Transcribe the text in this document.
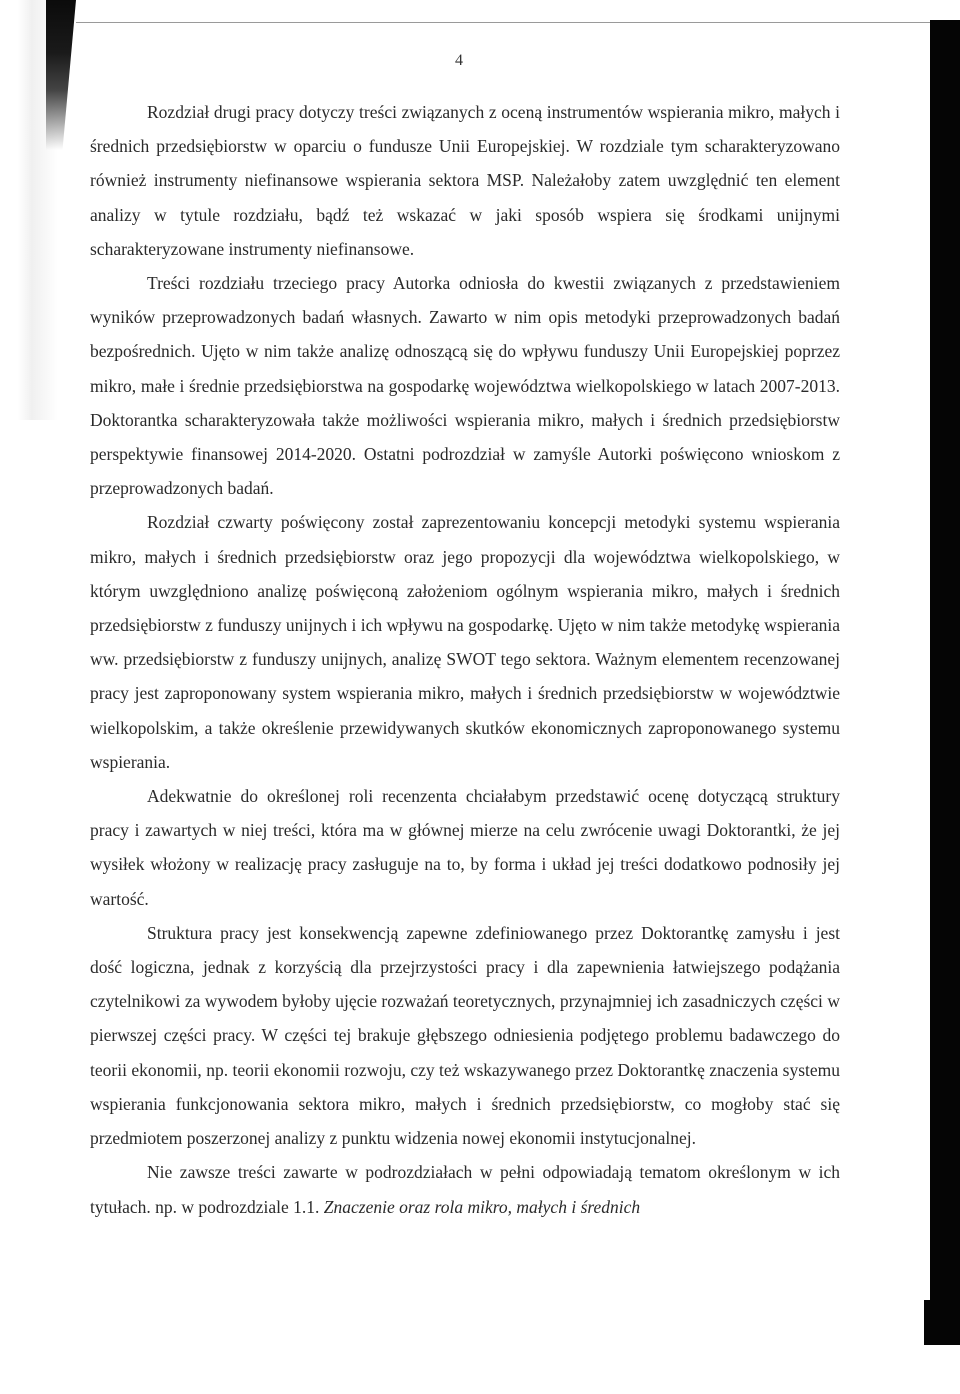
4

Rozdział drugi pracy dotyczy treści związanych z oceną instrumentów wspierania mikro, małych i średnich przedsiębiorstw w oparciu o fundusze Unii Europejskiej. W rozdziale tym scharakteryzowano również instrumenty niefinansowe wspierania sektora MSP. Należałoby zatem uwzględnić ten element analizy w tytule rozdziału, bądź też wskazać w jaki sposób wspiera się środkami unijnymi scharakteryzowane instrumenty niefinansowe.

Treści rozdziału trzeciego pracy Autorka odniosła do kwestii związanych z przedstawieniem wyników przeprowadzonych badań własnych. Zawarto w nim opis metodyki przeprowadzonych badań bezpośrednich. Ujęto w nim także analizę odnoszącą się do wpływu funduszy Unii Europejskiej poprzez mikro, małe i średnie przedsiębiorstwa na gospodarkę województwa wielkopolskiego w latach 2007-2013. Doktorantka scharakteryzowała także możliwości wspierania mikro, małych i średnich przedsiębiorstw perspektywie finansowej 2014-2020. Ostatni podrozdział w zamyśle Autorki poświęcono wnioskom z przeprowadzonych badań.

Rozdział czwarty poświęcony został zaprezentowaniu koncepcji metodyki systemu wspierania mikro, małych i średnich przedsiębiorstw oraz jego propozycji dla województwa wielkopolskiego, w którym uwzględniono analizę poświęconą założeniom ogólnym wspierania mikro, małych i średnich przedsiębiorstw z funduszy unijnych i ich wpływu na gospodarkę. Ujęto w nim także metodykę wspierania ww. przedsiębiorstw z funduszy unijnych, analizę SWOT tego sektora. Ważnym elementem recenzowanej pracy jest zaproponowany system wspierania mikro, małych i średnich przedsiębiorstw w województwie wielkopolskim, a także określenie przewidywanych skutków ekonomicznych zaproponowanego systemu wspierania.

Adekwatnie do określonej roli recenzenta chciałabym przedstawić ocenę dotyczącą struktury pracy i zawartych w niej treści, która ma w głównej mierze na celu zwrócenie uwagi Doktorantki, że jej wysiłek włożony w realizację pracy zasługuje na to, by forma i układ jej treści dodatkowo podnosiły jej wartość.

Struktura pracy jest konsekwencją zapewne zdefiniowanego przez Doktorantkę zamysłu i jest dość logiczna, jednak z korzyścią dla przejrzystości pracy i dla zapewnienia łatwiejszego podążania czytelnikowi za wywodem byłoby ujęcie rozważań teoretycznych, przynajmniej ich zasadniczych części w pierwszej części pracy. W części tej brakuje głębszego odniesienia podjętego problemu badawczego do teorii ekonomii, np. teorii ekonomii rozwoju, czy też wskazywanego przez Doktorantkę znaczenia systemu wspierania funkcjonowania sektora mikro, małych i średnich przedsiębiorstw, co mogłoby stać się przedmiotem poszerzonej analizy z punktu widzenia nowej ekonomii instytucjonalnej.

Nie zawsze treści zawarte w podrozdziałach w pełni odpowiadają tematom określonym w ich tytułach. np. w podrozdziale 1.1. Znaczenie oraz rola mikro, małych i średnich
